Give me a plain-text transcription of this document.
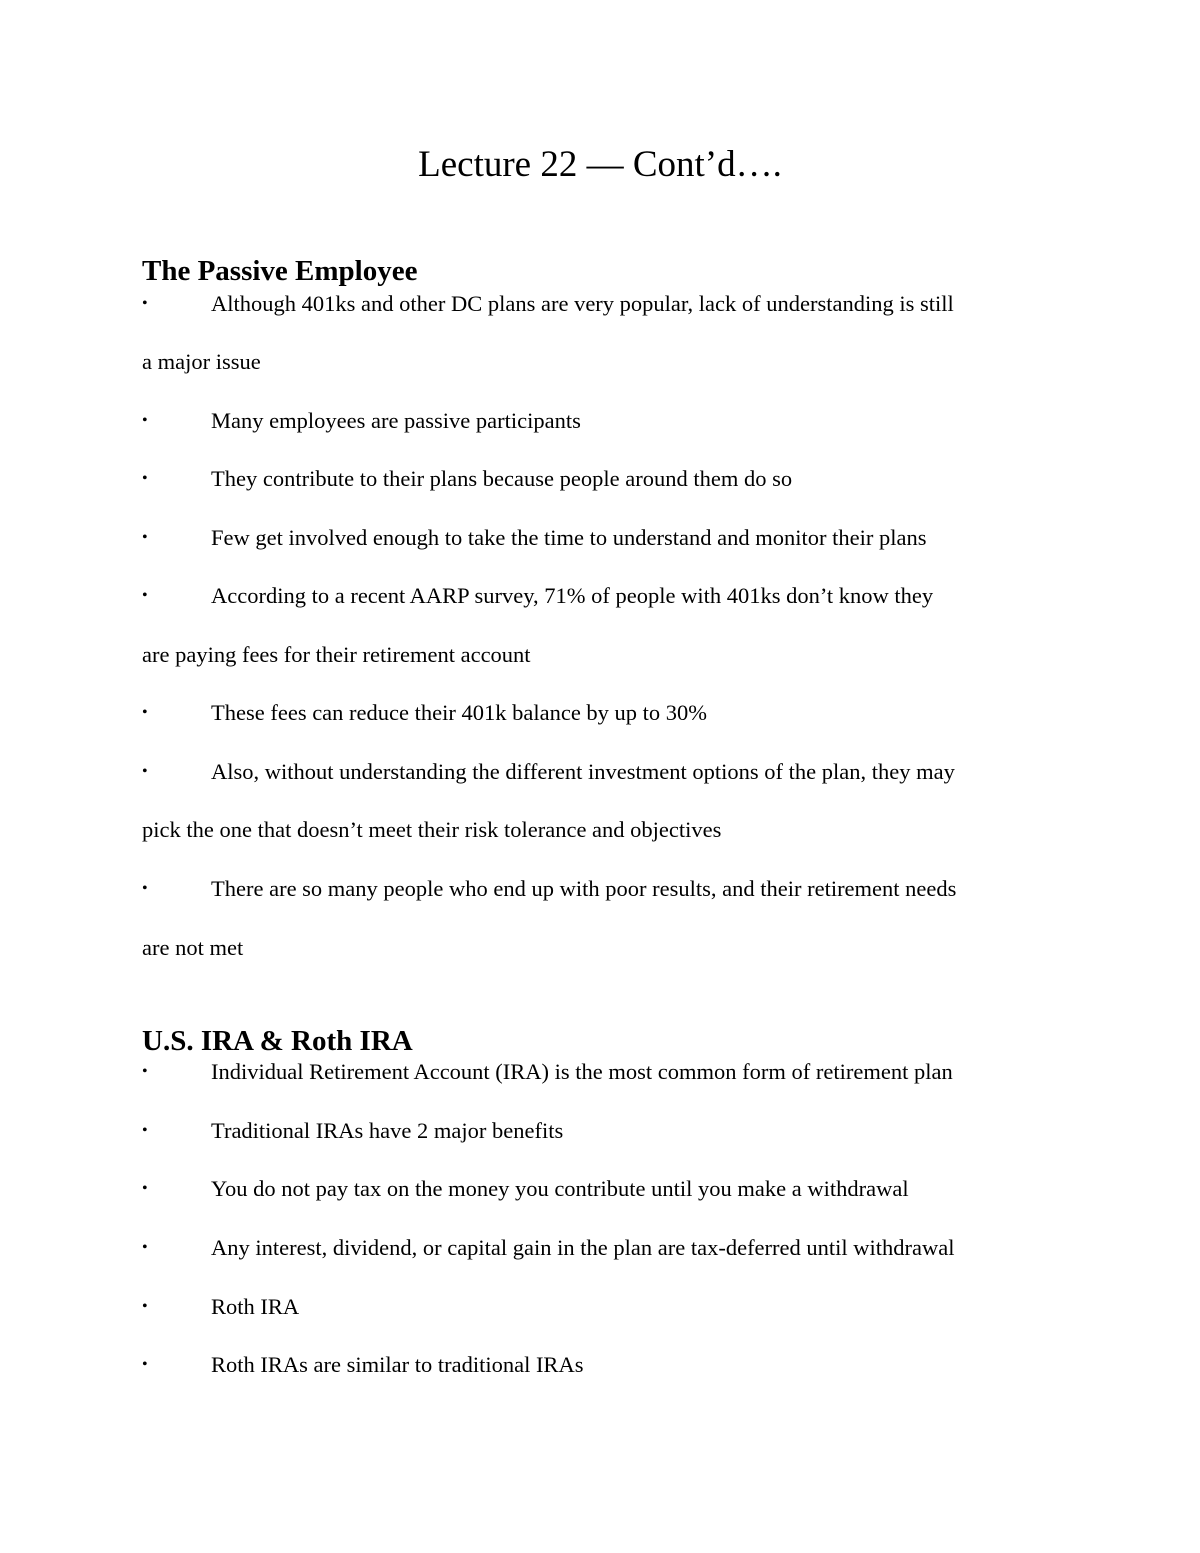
Lecture 22 — Cont’d….
The Passive Employee
•	Although 401ks and other DC plans are very popular, lack of understanding is still
a major issue
•	Many employees are passive participants
•	They contribute to their plans because people around them do so
•	Few get involved enough to take the time to understand and monitor their plans
•	According to a recent AARP survey, 71% of people with 401ks don’t know they
are paying fees for their retirement account
•	These fees can reduce their 401k balance by up to 30%
•	Also, without understanding the different investment options of the plan, they may
pick the one that doesn’t meet their risk tolerance and objectives
•	There are so many people who end up with poor results, and their retirement needs
are not met
U.S. IRA & Roth IRA
•	Individual Retirement Account (IRA) is the most common form of retirement plan
•	Traditional IRAs have 2 major benefits
•	You do not pay tax on the money you contribute until you make a withdrawal
•	Any interest, dividend, or capital gain in the plan are tax-deferred until withdrawal
•	Roth IRA
•	Roth IRAs are similar to traditional IRAs
